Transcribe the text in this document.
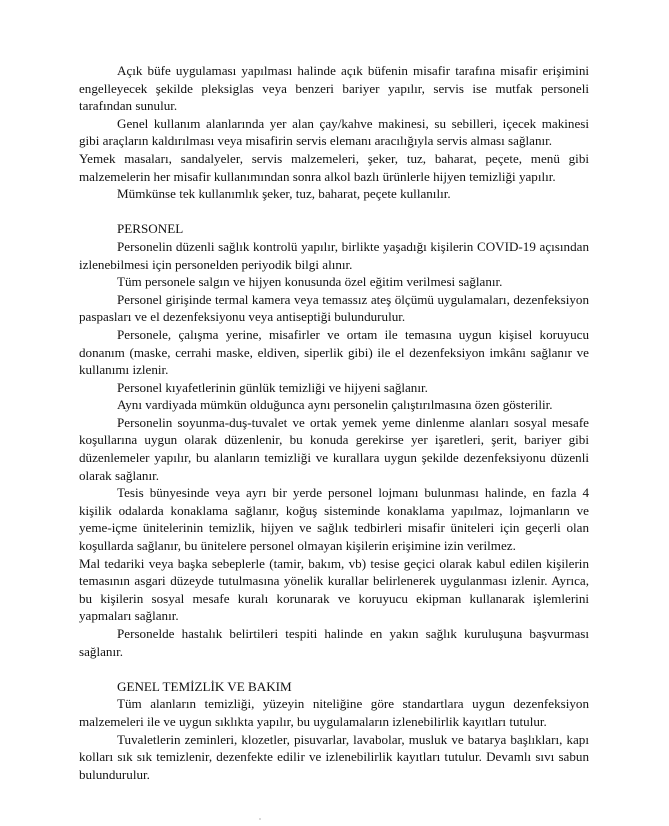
Açık büfe uygulaması yapılması halinde açık büfenin misafir tarafına misafir erişimini engelleyecek şekilde pleksiglas veya benzeri bariyer yapılır, servis ise mutfak personeli tarafından sunulur.

Genel kullanım alanlarında yer alan çay/kahve makinesi, su sebilleri, içecek makinesi gibi araçların kaldırılması veya misafirin servis elemanı aracılığıyla servis alması sağlanır.

Yemek masaları, sandalyeler, servis malzemeleri, şeker, tuz, baharat, peçete, menü gibi malzemelerin her misafir kullanımından sonra alkol bazlı ürünlerle hijyen temizliği yapılır.

Mümkünse tek kullanımlık şeker, tuz, baharat, peçete kullanılır.

PERSONEL

Personelin düzenli sağlık kontrolü yapılır, birlikte yaşadığı kişilerin COVID-19 açısından izlenebilmesi için personelden periyodik bilgi alınır.

Tüm personele salgın ve hijyen konusunda özel eğitim verilmesi sağlanır.

Personel girişinde termal kamera veya temassız ateş ölçümü uygulamaları, dezenfeksiyon paspasları ve el dezenfeksiyonu veya antiseptiği bulundurulur.

Personele, çalışma yerine, misafirler ve ortam ile temasına uygun kişisel koruyucu donanım (maske, cerrahi maske, eldiven, siperlik gibi) ile el dezenfeksiyon imkânı sağlanır ve kullanımı izlenir.

Personel kıyafetlerinin günlük temizliği ve hijyeni sağlanır.

Aynı vardiyada mümkün olduğunca aynı personelin çalıştırılmasına özen gösterilir.

Personelin soyunma-duş-tuvalet ve ortak yemek yeme dinlenme alanları sosyal mesafe koşullarına uygun olarak düzenlenir, bu konuda gerekirse yer işaretleri, şerit, bariyer gibi düzenlemeler yapılır, bu alanların temizliği ve kurallara uygun şekilde dezenfeksiyonu düzenli olarak sağlanır.

Tesis bünyesinde veya ayrı bir yerde personel lojmanı bulunması halinde, en fazla 4 kişilik odalarda konaklama sağlanır, koğuş sisteminde konaklama yapılmaz, lojmanların ve yeme-içme ünitelerinin temizlik, hijyen ve sağlık tedbirleri misafir üniteleri için geçerli olan koşullarda sağlanır, bu ünitelere personel olmayan kişilerin erişimine izin verilmez.

Mal tedariki veya başka sebeplerle (tamir, bakım, vb) tesise geçici olarak kabul edilen kişilerin temasının asgari düzeyde tutulmasına yönelik kurallar belirlenerek uygulanması izlenir. Ayrıca, bu kişilerin sosyal mesafe kuralı korunarak ve koruyucu ekipman kullanarak işlemlerini yapmaları sağlanır.

Personelde hastalık belirtileri tespiti halinde en yakın sağlık kuruluşuna başvurması sağlanır.

GENEL TEMİZLİK VE BAKIM

Tüm alanların temizliği, yüzeyin niteliğine göre standartlara uygun dezenfeksiyon malzemeleri ile ve uygun sıklıkta yapılır, bu uygulamaların izlenebilirlik kayıtları tutulur.

Tuvaletlerin zeminleri, klozetler, pisuvarlar, lavabolar, musluk ve batarya başlıkları, kapı kolları sık sık temizlenir, dezenfekte edilir ve izlenebilirlik kayıtları tutulur. Devamlı sıvı sabun bulundurulur.
